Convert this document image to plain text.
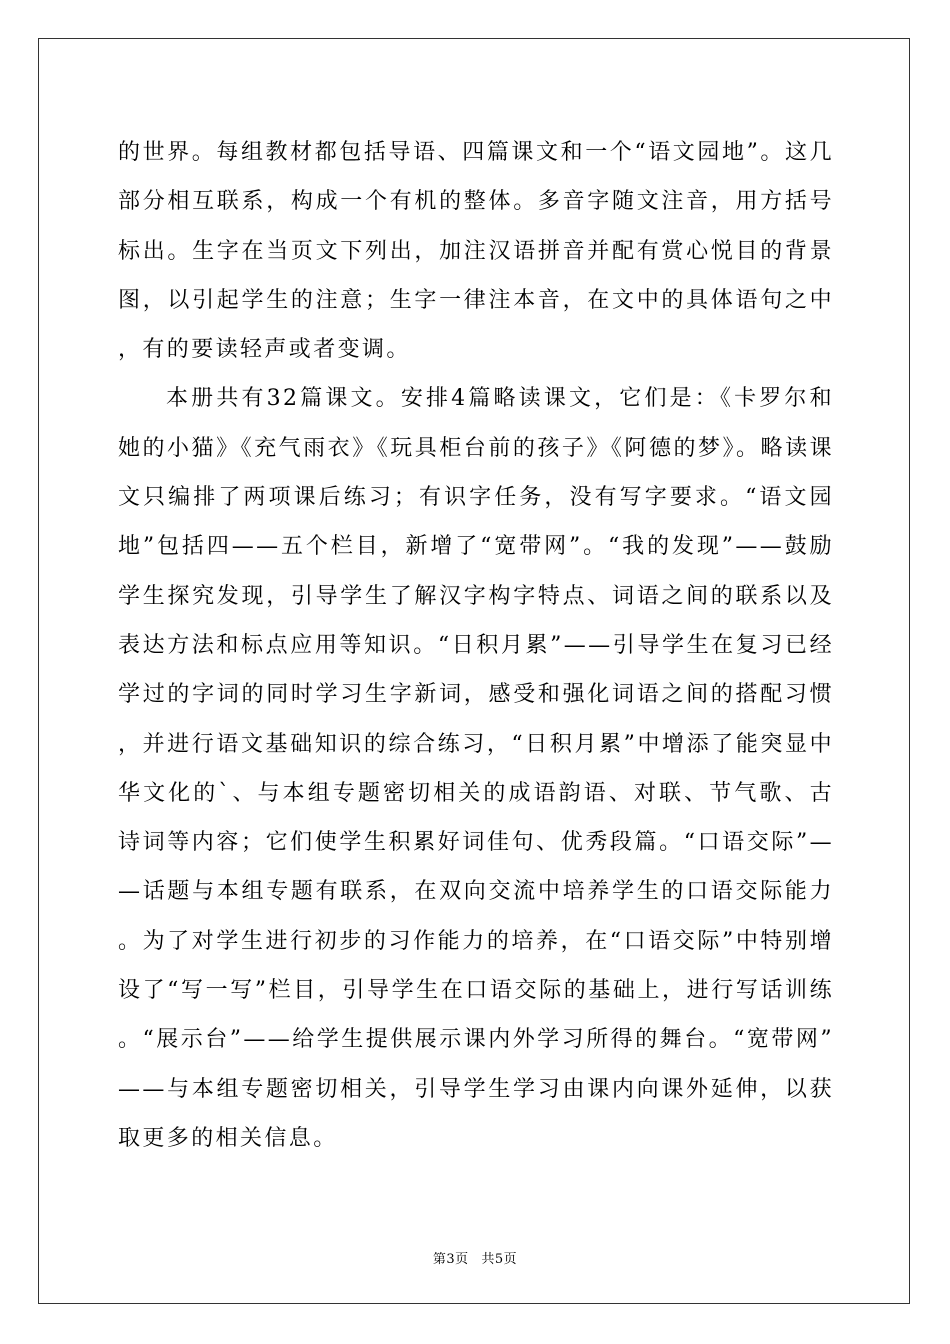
的世界。每组教材都包括导语、四篇课文和一个“语文园地”。这几部分相互联系，构成一个有机的整体。多音字随文注音，用方括号标出。生字在当页文下列出，加注汉语拼音并配有赏心悦目的背景图，以引起学生的注意；生字一律注本音，在文中的具体语句之中，有的要读轻声或者变调。

本册共有32篇课文。安排4篇略读课文，它们是：《卡罗尔和她的小猫》《充气雨衣》《玩具柜台前的孩子》《阿德的梦》。略读课文只编排了两项课后练习；有识字任务，没有写字要求。“语文园地”包括四——五个栏目，新增了“宽带网”。“我的发现”——鼓励学生探究发现，引导学生了解汉字构字特点、词语之间的联系以及表达方法和标点应用等知识。“日积月累”——引导学生在复习已经学过的字词的同时学习生字新词，感受和强化词语之间的搭配习惯，并进行语文基础知识的综合练习，“日积月累”中增添了能突显中华文化的`、与本组专题密切相关的成语韵语、对联、节气歌、古诗词等内容；它们使学生积累好词佳句、优秀段篇。“口语交际”——话题与本组专题有联系，在双向交流中培养学生的口语交际能力。为了对学生进行初步的习作能力的培养，在“口语交际”中特别增设了“写一写”栏目，引导学生在口语交际的基础上，进行写话训练。“展示台”——给学生提供展示课内外学习所得的舞台。“宽带网”——与本组专题密切相关，引导学生学习由课内向课外延伸，以获取更多的相关信息。

第3页 共5页
